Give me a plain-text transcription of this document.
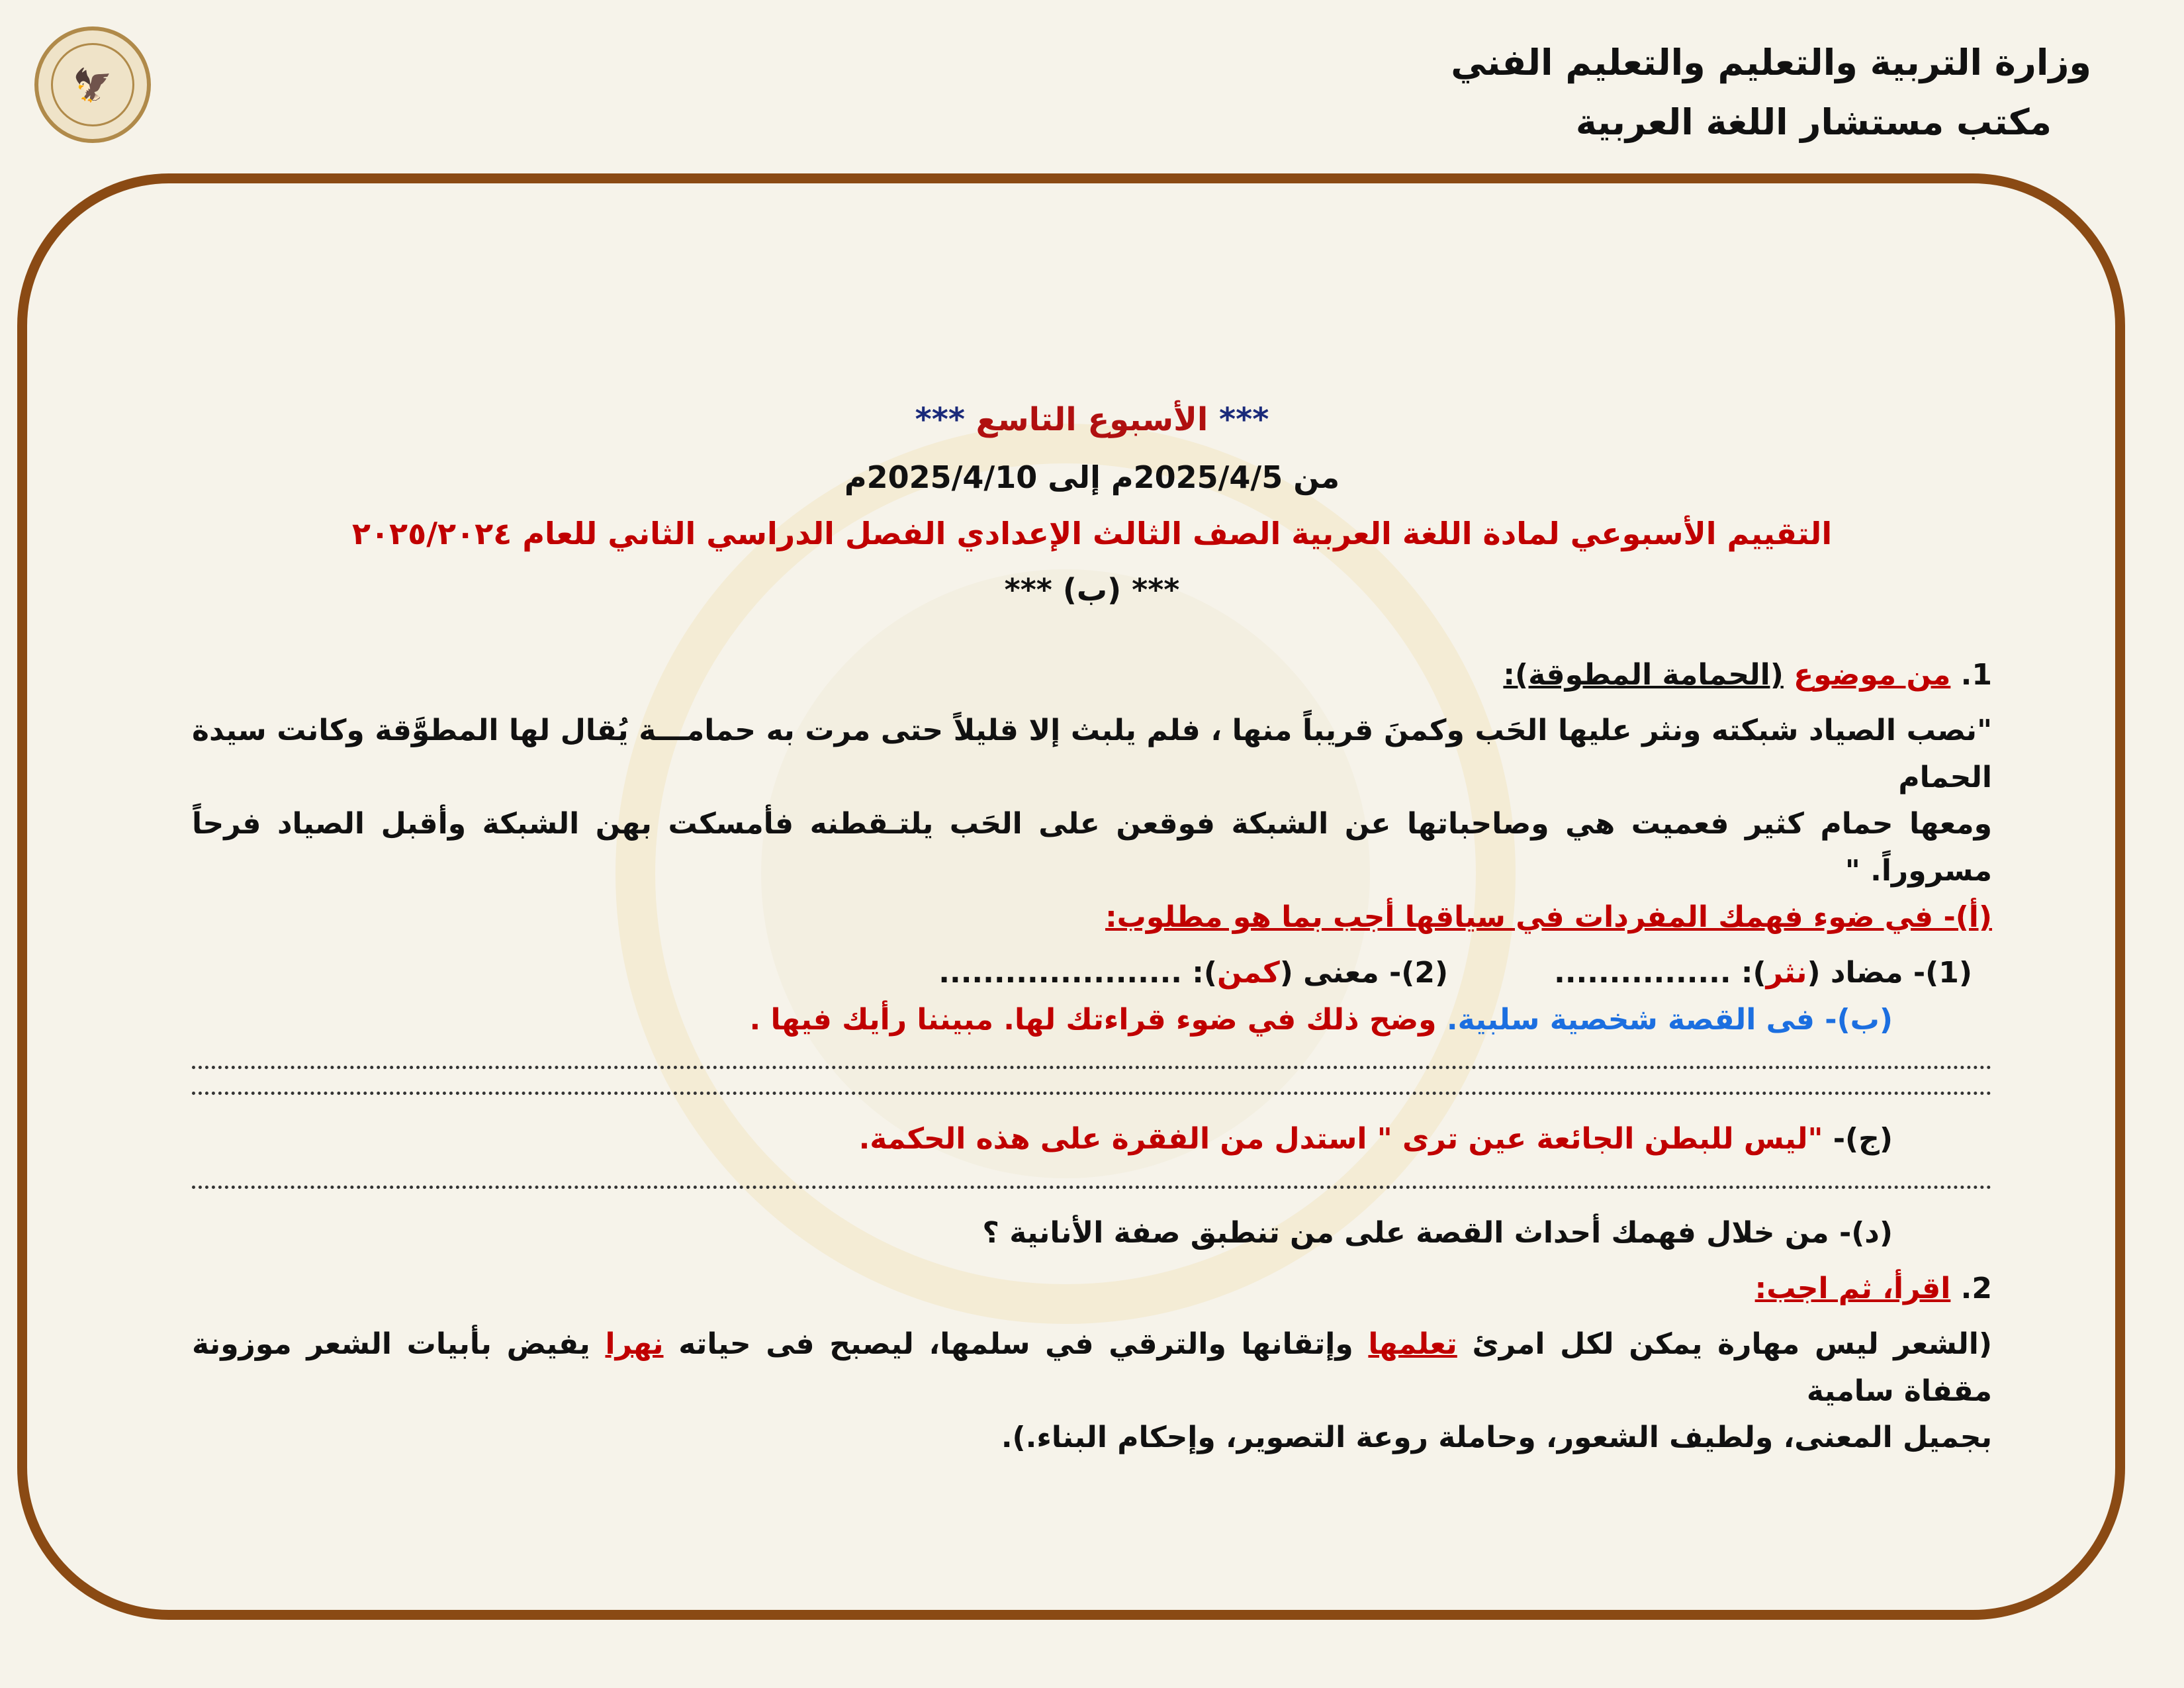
🦅
وزارة التربية والتعليم والتعليم الفني
مكتب مستشار اللغة العربية
*** الأسبوع التاسع ***
من 2025/4/5م إلى 2025/4/10م
التقييم الأسبوعي لمادة اللغة العربية الصف الثالث الإعدادي الفصل الدراسي الثاني للعام ٢٠٢٥/٢٠٢٤
*** (ب) ***
1. من موضوع (الحمامة المطوقة):
"نصب الصياد شبكته ونثر عليها الحَب وكمنَ قريباً منها ، فلم يلبث إلا قليلاً حتى مرت به حمامـــة يُقال لها المطوَّقة وكانت سيدة الحمام
ومعها حمام كثير فعميت هي وصاحباتها عن الشبكة فوقعن على الحَب يلتـقطنه فأمسكت بهن الشبكة وأقبل الصياد فرحاً مسروراً. "
(أ)- في ضوء فهمك المفردات في سياقها أجب بما هو مطلوب:
(1)- مضاد (نثر): ................
(2)- معنى (كمن): ......................
(ب)- فى القصة شخصية سلبية. وضح ذلك في ضوء قراءتك لها. مبيننا رأيك فيها .
(ج)- "ليس للبطن الجائعة عين ترى " استدل من الفقرة على هذه الحكمة.
(د)- من خلال فهمك أحداث القصة على من تنطبق صفة الأنانية ؟
2. اقرأ، ثم اجب:
(الشعر ليس مهارة يمكن لكل امرئ تعلمها وإتقانها والترقي في سلمها، ليصبح فى حياته نهرا يفيض بأبيات الشعر موزونة مقفاة سامية
بجميل المعنى، ولطيف الشعور، وحاملة روعة التصوير، وإحكام البناء.).
